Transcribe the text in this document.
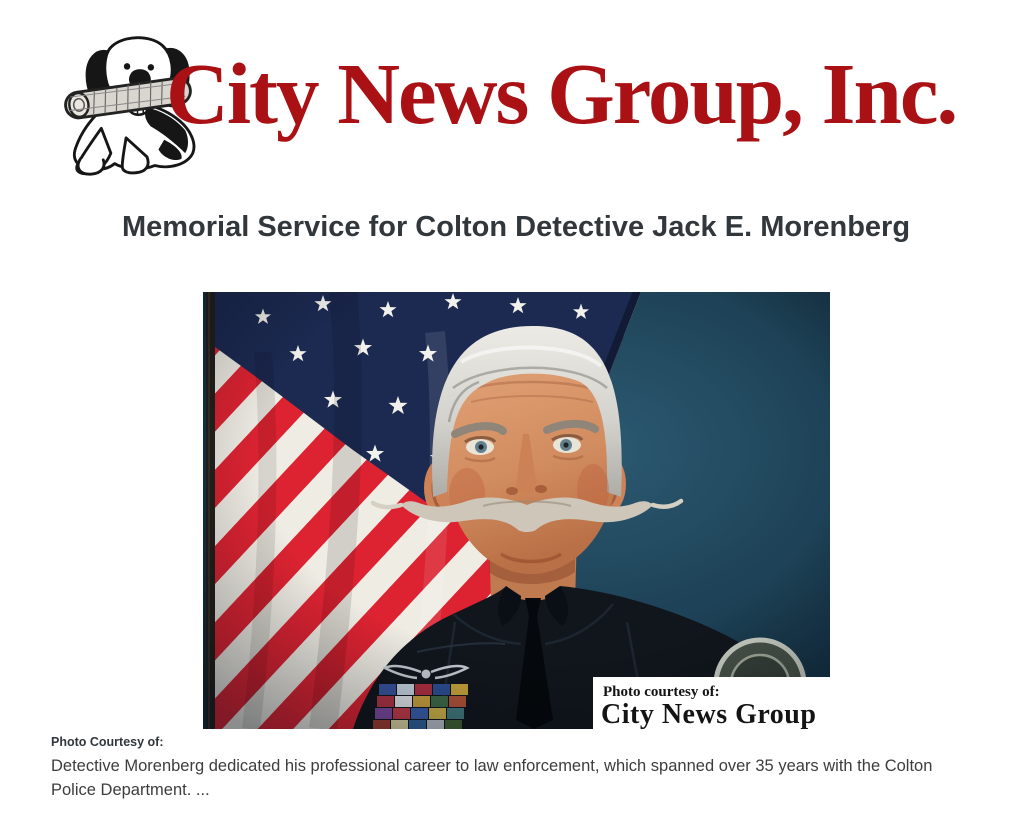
City News Group, Inc.
Memorial Service for Colton Detective Jack E. Morenberg
Photo courtesy of:
City News Group
Photo Courtesy of:

Detective Morenberg dedicated his professional career to law enforcement, which spanned over 35 years with the Colton Police Department. ...
